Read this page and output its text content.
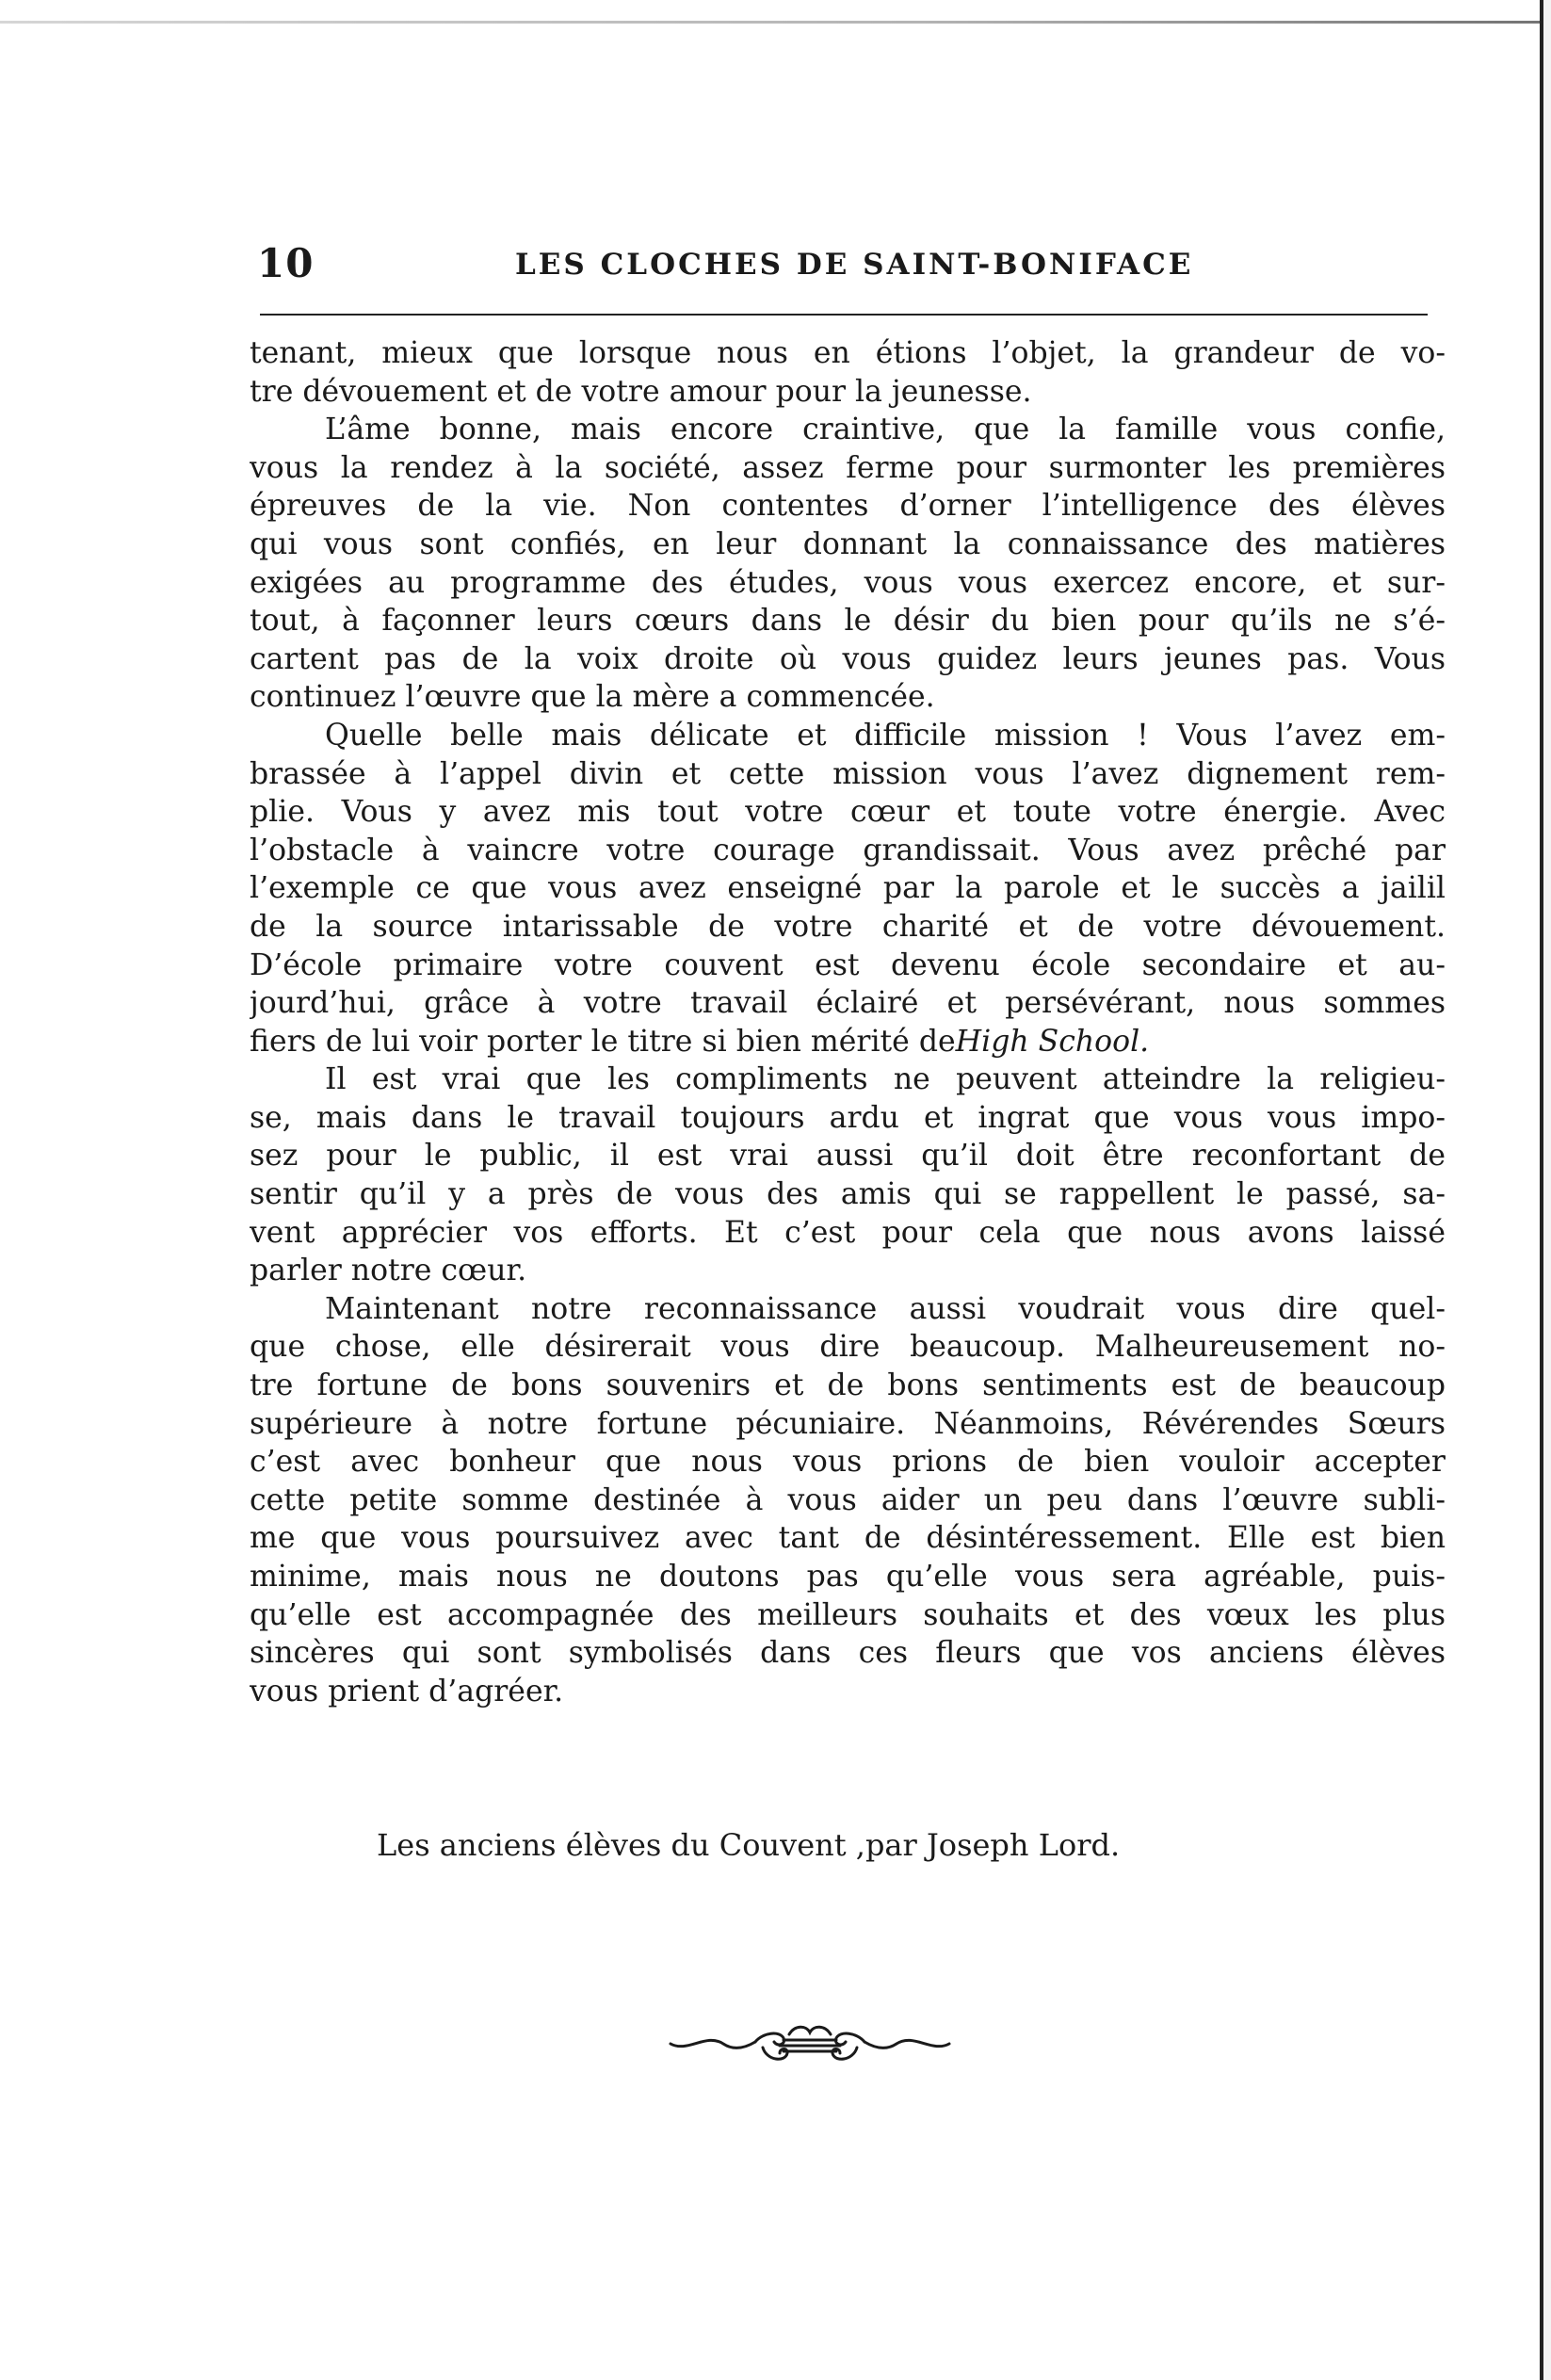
10	LES CLOCHES DE SAINT-BONIFACE
tenant, mieux que lorsque nous en étions l’objet, la grandeur de vo-
tre dévouement et de votre amour pour la jeunesse.
L’âme bonne, mais encore craintive, que la famille vous confie,
vous la rendez à la société, assez ferme pour surmonter les premières
épreuves de la vie. Non contentes d’orner l’intelligence des élèves
qui vous sont confiés, en leur donnant la connaissance des matières
exigées au programme des études, vous vous exercez encore, et sur-
tout, à façonner leurs cœurs dans le désir du bien pour qu’ils ne s’é-
cartent pas de la voix droite où vous guidez leurs jeunes pas. Vous
continuez l’œuvre que la mère a commencée.
Quelle belle mais délicate et difficile mission ! Vous l’avez em-
brassée à l’appel divin et cette mission vous l’avez dignement rem-
plie. Vous y avez mis tout votre cœur et toute votre énergie. Avec
l’obstacle à vaincre votre courage grandissait. Vous avez prêché par
l’exemple ce que vous avez enseigné par la parole et le succès a jailil
de la source intarissable de votre charité et de votre dévouement.
D’école primaire votre couvent est devenu école secondaire et au-
jourd’hui, grâce à votre travail éclairé et persévérant, nous sommes
fiers de lui voir porter le titre si bien mérité deHigh School.
Il est vrai que les compliments ne peuvent atteindre la religieu-
se, mais dans le travail toujours ardu et ingrat que vous vous impo-
sez pour le public, il est vrai aussi qu’il doit être reconfortant de
sentir qu’il y a près de vous des amis qui se rappellent le passé, sa-
vent apprécier vos efforts. Et c’est pour cela que nous avons laissé
parler notre cœur.
Maintenant notre reconnaissance aussi voudrait vous dire quel-
que chose, elle désirerait vous dire beaucoup. Malheureusement no-
tre fortune de bons souvenirs et de bons sentiments est de beaucoup
supérieure à notre fortune pécuniaire. Néanmoins, Révérendes Sœurs
c’est avec bonheur que nous vous prions de bien vouloir accepter
cette petite somme destinée à vous aider un peu dans l’œuvre subli-
me que vous poursuivez avec tant de désintéressement. Elle est bien
minime, mais nous ne doutons pas qu’elle vous sera agréable, puis-
qu’elle est accompagnée des meilleurs souhaits et des vœux les plus
sincères qui sont symbolisés dans ces fleurs que vos anciens élèves
vous prient d’agréer.
Les anciens élèves du Couvent ,par Joseph Lord.
